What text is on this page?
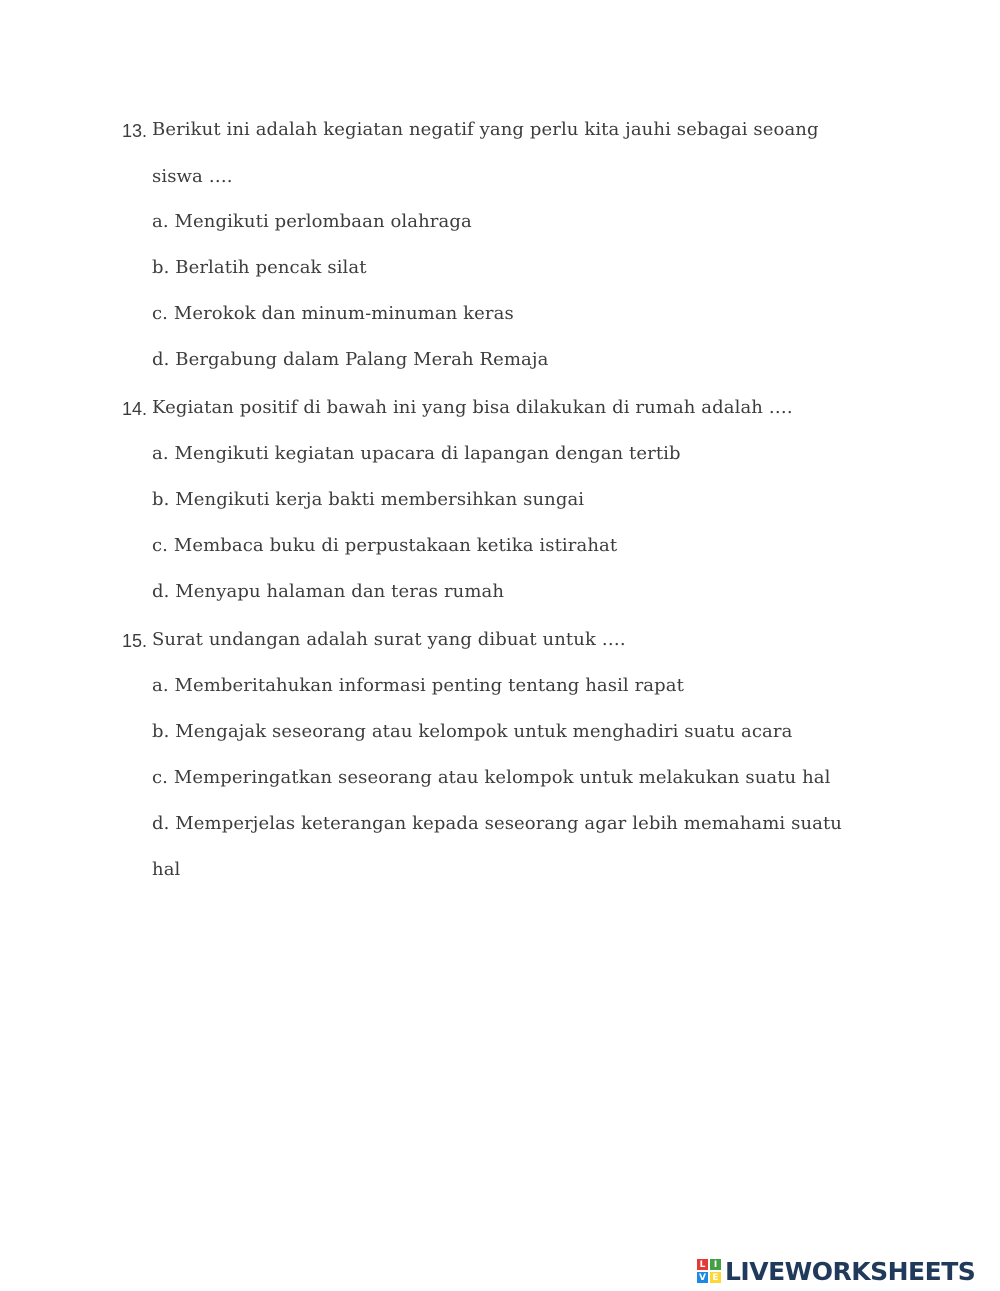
13. Berikut ini adalah kegiatan negatif yang perlu kita jauhi sebagai seoang
siswa ….
a. Mengikuti perlombaan olahraga
b. Berlatih pencak silat
c. Merokok dan minum-minuman keras
d. Bergabung dalam Palang Merah Remaja
14. Kegiatan positif di bawah ini yang bisa dilakukan di rumah adalah ….
a. Mengikuti kegiatan upacara di lapangan dengan tertib
b. Mengikuti kerja bakti membersihkan sungai
c. Membaca buku di perpustakaan ketika istirahat
d. Menyapu halaman dan teras rumah
15. Surat undangan adalah surat yang dibuat untuk ….
a. Memberitahukan informasi penting tentang hasil rapat
b. Mengajak seseorang atau kelompok untuk menghadiri suatu acara
c. Memperingatkan seseorang atau kelompok untuk melakukan suatu hal
d. Memperjelas keterangan kepada seseorang agar lebih memahami suatu
hal
L I
V E LIVEWORKSHEETS
